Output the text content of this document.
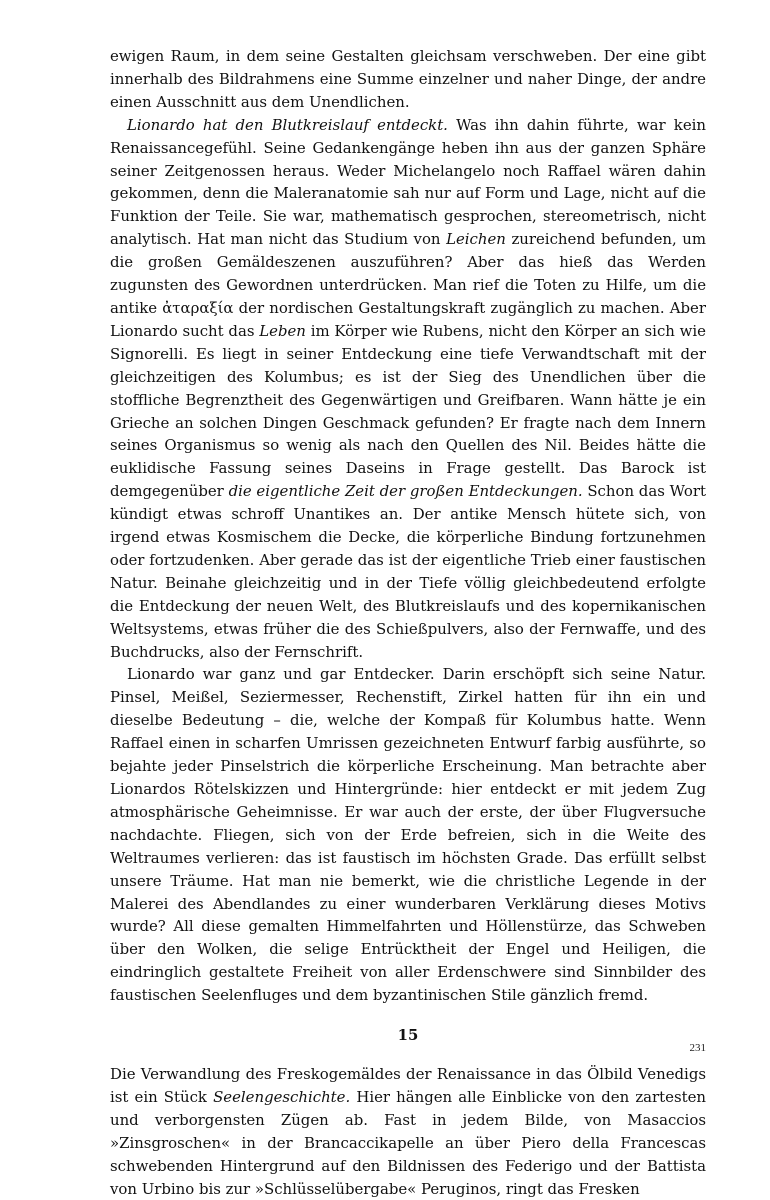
ewigen Raum, in dem seine Gestalten gleichsam verschweben. Der eine gibt innerhalb des Bildrahmens eine Summe einzelner und naher Dinge, der andre einen Ausschnitt aus dem Unendlichen.

Lionardo hat den Blutkreislauf entdeckt. Was ihn dahin führte, war kein Renaissancegefühl. Seine Gedankengänge heben ihn aus der ganzen Sphäre seiner Zeitgenossen heraus. Weder Michelangelo noch Raffael wären dahin gekommen, denn die Maleranatomie sah nur auf Form und Lage, nicht auf die Funktion der Teile. Sie war, mathematisch gesprochen, stereometrisch, nicht analytisch. Hat man nicht das Studium von Leichen zureichend befunden, um die großen Gemäldeszenen auszuführen? Aber das hieß das Werden zugunsten des Gewordnen unterdrücken. Man rief die Toten zu Hilfe, um die antike ἀταραξία der nordischen Gestaltungskraft zugänglich zu machen. Aber Lionardo sucht das Leben im Körper wie Rubens, nicht den Körper an sich wie Signorelli. Es liegt in seiner Entdeckung eine tiefe Verwandtschaft mit der gleichzeitigen des Kolumbus; es ist der Sieg des Unendlichen über die stoffliche Begrenztheit des Gegenwärtigen und Greifbaren. Wann hätte je ein Grieche an solchen Dingen Geschmack gefunden? Er fragte nach dem Innern seines Organismus so wenig als nach den Quellen des Nil. Beides hätte die euklidische Fassung seines Daseins in Frage gestellt. Das Barock ist demgegenüber die eigentliche Zeit der großen Entdeckungen. Schon das Wort kündigt etwas schroff Unantikes an. Der antike Mensch hütete sich, von irgend etwas Kosmischem die Decke, die körperliche Bindung fortzunehmen oder fortzudenken. Aber gerade das ist der eigentliche Trieb einer faustischen Natur. Beinahe gleichzeitig und in der Tiefe völlig gleichbedeutend erfolgte die Entdeckung der neuen Welt, des Blutkreislaufs und des kopernikanischen Weltsystems, etwas früher die des Schießpulvers, also der Fernwaffe, und des Buchdrucks, also der Fernschrift.

Lionardo war ganz und gar Entdecker. Darin erschöpft sich seine Natur. Pinsel, Meißel, Seziermesser, Rechenstift, Zirkel hatten für ihn ein und dieselbe Bedeutung – die, welche der Kompaß für Kolumbus hatte. Wenn Raffael einen in scharfen Umrissen gezeichneten Entwurf farbig ausführte, so bejahte jeder Pinselstrich die körperliche Erscheinung. Man betrachte aber Lionardos Rötelskizzen und Hintergründe: hier entdeckt er mit jedem Zug atmosphärische Geheimnisse. Er war auch der erste, der über Flugversuche nachdachte. Fliegen, sich von der Erde befreien, sich in die Weite des Weltraumes verlieren: das ist faustisch im höchsten Grade. Das erfüllt selbst unsere Träume. Hat man nie bemerkt, wie die christliche Legende in der Malerei des Abendlandes zu einer wunderbaren Verklärung dieses Motivs wurde? All diese gemalten Himmelfahrten und Höllenstürze, das Schweben über den Wolken, die selige Entrücktheit der Engel und Heiligen, die eindringlich gestaltete Freiheit von aller Erdenschwere sind Sinnbilder des faustischen Seelenfluges und dem byzantinischen Stile gänzlich fremd.

15

Die Verwandlung des Freskogemäldes der Renaissance in das Ölbild Venedigs ist ein Stück Seelengeschichte. Hier hängen alle Einblicke von den zartesten und verborgensten Zügen ab. Fast in jedem Bilde, von Masaccios »Zinsgroschen« in der Brancaccikapelle an über Piero della Francescas schwebenden Hintergrund auf den Bildnissen des Federigo und der Battista von Urbino bis zur »Schlüsselübergabe« Peruginos, ringt das Fresken

231
